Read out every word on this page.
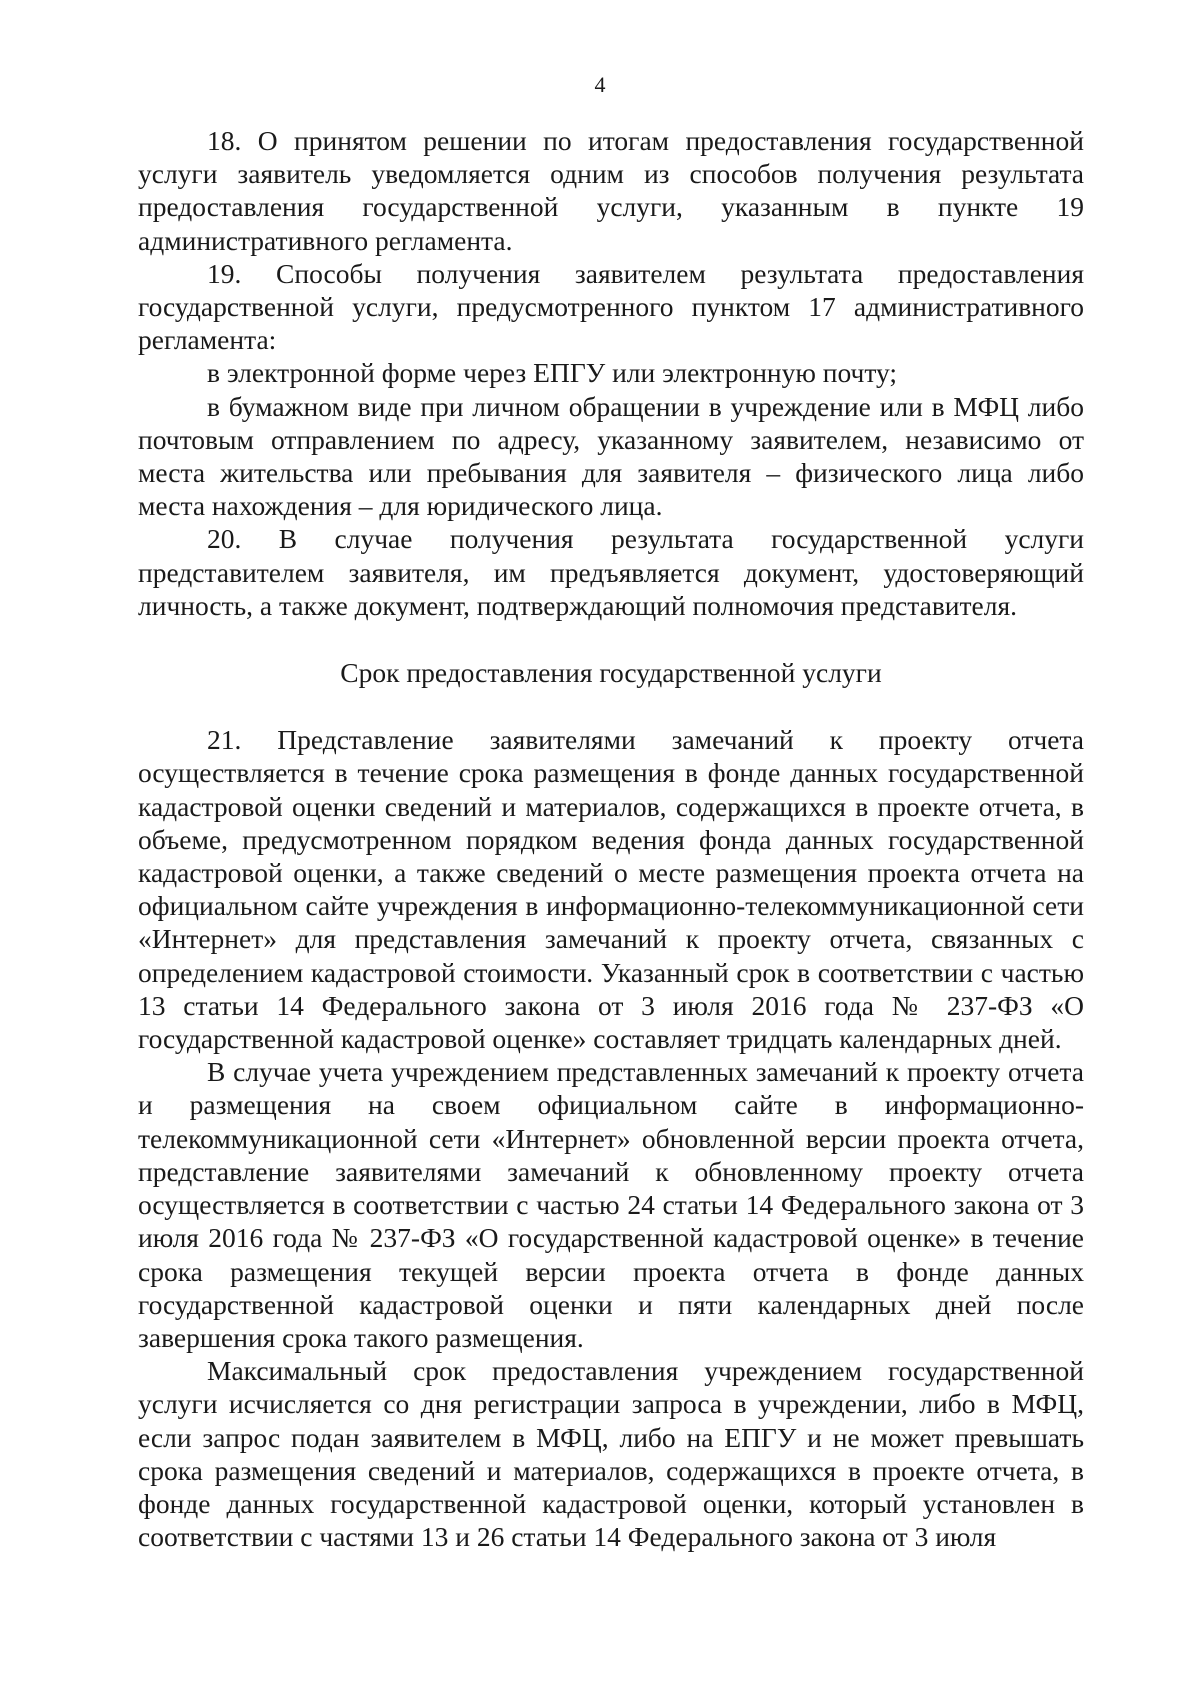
4

18. О принятом решении по итогам предоставления государственной услуги заявитель уведомляется одним из способов получения результата предоставления государственной услуги, указанным в пункте 19 административного регламента.

19. Способы получения заявителем результата предоставления государственной услуги, предусмотренного пунктом 17 административного регламента:

в электронной форме через ЕПГУ или электронную почту;

в бумажном виде при личном обращении в учреждение или в МФЦ либо почтовым отправлением по адресу, указанному заявителем, независимо от места жительства или пребывания для заявителя – физического лица либо места нахождения – для юридического лица.

20. В случае получения результата государственной услуги представителем заявителя, им предъявляется документ, удостоверяющий личность, а также документ, подтверждающий полномочия представителя.

Срок предоставления государственной услуги

21. Представление заявителями замечаний к проекту отчета осуществляется в течение срока размещения в фонде данных государственной кадастровой оценки сведений и материалов, содержащихся в проекте отчета, в объеме, предусмотренном порядком ведения фонда данных государственной кадастровой оценки, а также сведений о месте размещения проекта отчета на официальном сайте учреждения в информационно-телекоммуникационной сети «Интернет» для представления замечаний к проекту отчета, связанных с определением кадастровой стоимости. Указанный срок в соответствии с частью 13 статьи 14 Федерального закона от 3 июля 2016 года № 237-ФЗ «О государственной кадастровой оценке» составляет тридцать календарных дней.

В случае учета учреждением представленных замечаний к проекту отчета и размещения на своем официальном сайте в информационно-телекоммуникационной сети «Интернет» обновленной версии проекта отчета, представление заявителями замечаний к обновленному проекту отчета осуществляется в соответствии с частью 24 статьи 14 Федерального закона от 3 июля 2016 года № 237-ФЗ «О государственной кадастровой оценке» в течение срока размещения текущей версии проекта отчета в фонде данных государственной кадастровой оценки и пяти календарных дней после завершения срока такого размещения.

Максимальный срок предоставления учреждением государственной услуги исчисляется со дня регистрации запроса в учреждении, либо в МФЦ, если запрос подан заявителем в МФЦ, либо на ЕПГУ и не может превышать срока размещения сведений и материалов, содержащихся в проекте отчета, в фонде данных государственной кадастровой оценки, который установлен в соответствии с частями 13 и 26 статьи 14 Федерального закона от 3 июля
